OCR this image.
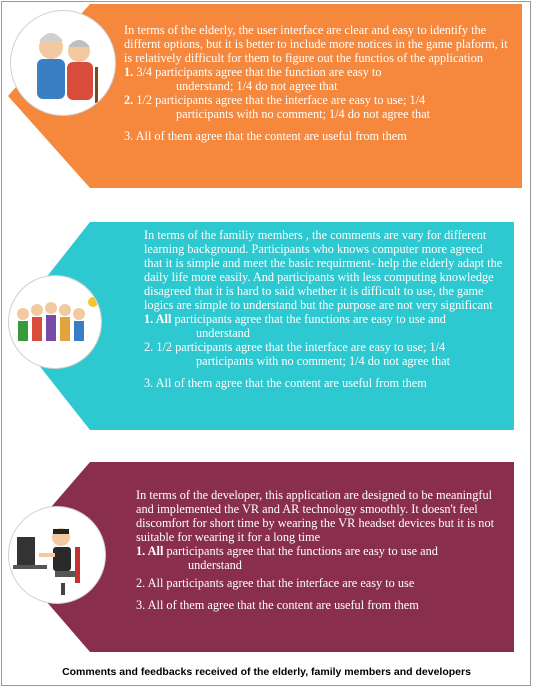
In terms of the elderly, the user interface are clear and easy to identify the differnt options, but it is better to include more notices in the game plaform, it is relatively difficult for them to figure out the functios of the application

1. 3/4 participants agree that the function are easy to
understand; 1/4 do not agree that

2. 1/2 participants agree that the interface are easy to use; 1/4
participants with no comment; 1/4 do not agree that

3. All of them agree that the content are useful from them

In terms of the familiy members , the comments are vary for different learning background. Participants who knows computer more agreed that it is simple and meet the basic requirment- help the elderly adapt the daily life more easily. And participants with less computing knowledge disagreed that it is hard to said whether it is difficult to use, the game logics are simple to understand but the purpose are not very significant

1. All participants agree that the functions are easy to use and
understand

2. 1/2 participants agree that the interface are easy to use; 1/4
participants with no comment; 1/4 do not agree that

3. All of them agree that the content are useful from them

In terms of the developer, this application are designed to be meaningful and implemented the VR and AR technology smoothly. It doesn't feel discomfort for short time by wearing the VR headset devices but it is not suitable for wearing it for a long time

1. All participants agree that the functions are easy to use and
understand

2. All participants agree that the interface are easy to use

3. All of them agree that the content are useful from them

Comments and feedbacks received of the elderly, family members and developers
